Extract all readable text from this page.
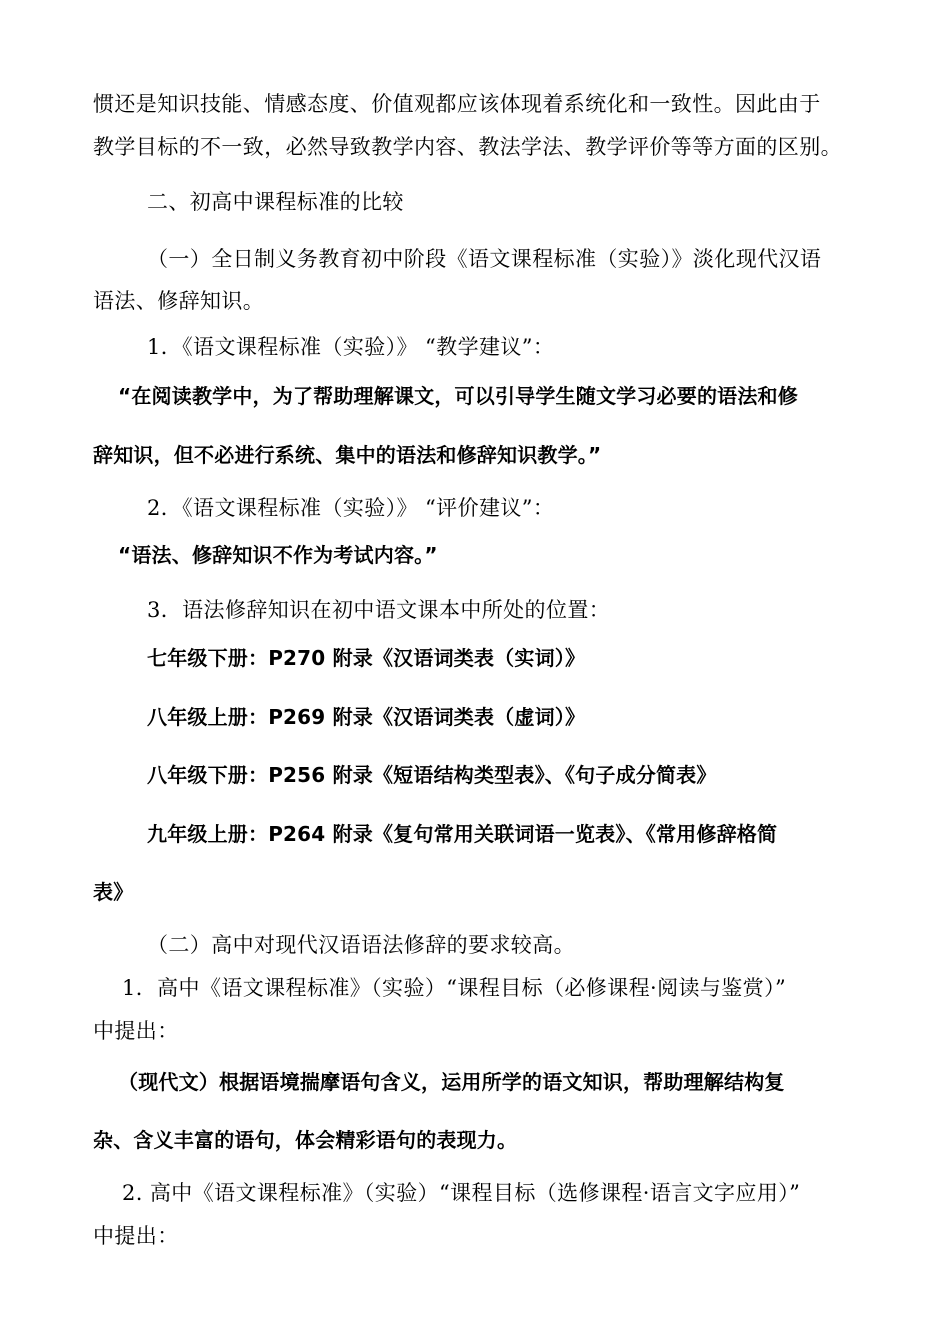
惯还是知识技能、情感态度、价值观都应该体现着系统化和一致性。因此由于

教学目标的不一致，必然导致教学内容、教法学法、教学评价等等方面的区别。

二、初高中课程标准的比较

（一）全日制义务教育初中阶段《语文课程标准（实验）》淡化现代汉语

语法、修辞知识。

1．《语文课程标准（实验）》 “教学建议”：

“在阅读教学中，为了帮助理解课文，可以引导学生随文学习必要的语法和修

辞知识，但不必进行系统、集中的语法和修辞知识教学。”

2．《语文课程标准（实验）》 “评价建议”：

“语法、修辞知识不作为考试内容。”

3．语法修辞知识在初中语文课本中所处的位置：

七年级下册：P270 附录《汉语词类表（实词）》

八年级上册：P269 附录《汉语词类表（虚词）》

八年级下册：P256 附录《短语结构类型表》、《句子成分简表》

九年级上册：P264 附录《复句常用关联词语一览表》、《常用修辞格简

表》

（二）高中对现代汉语语法修辞的要求较高。

1．高中《语文课程标准》（实验）“课程目标（必修课程·阅读与鉴赏）”

中提出：

（现代文）根据语境揣摩语句含义，运用所学的语文知识，帮助理解结构复

杂、含义丰富的语句，体会精彩语句的表现力。

2. 高中《语文课程标准》（实验）“课程目标（选修课程·语言文字应用）”

中提出：
